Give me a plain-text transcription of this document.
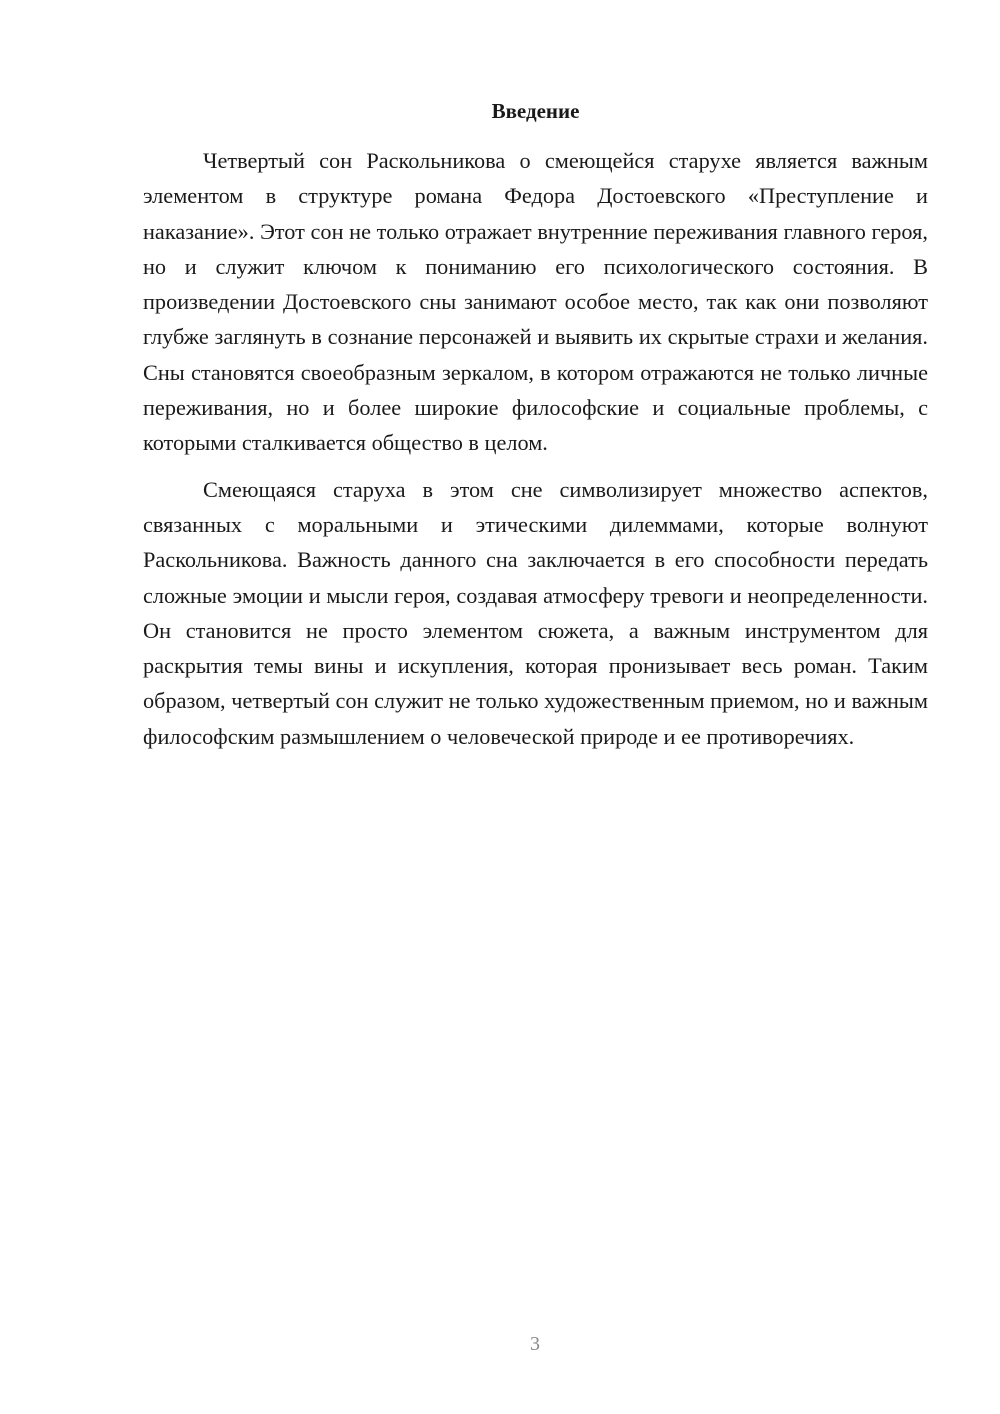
Введение

Четвертый сон Раскольникова о смеющейся старухе является важным элементом в структуре романа Федора Достоевского «Преступление и наказание». Этот сон не только отражает внутренние переживания главного героя, но и служит ключом к пониманию его психологического состояния. В произведении Достоевского сны занимают особое место, так как они позволяют глубже заглянуть в сознание персонажей и выявить их скрытые страхи и желания. Сны становятся своеобразным зеркалом, в котором отражаются не только личные переживания, но и более широкие философские и социальные проблемы, с которыми сталкивается общество в целом.

Смеющаяся старуха в этом сне символизирует множество аспектов, связанных с моральными и этическими дилеммами, которые волнуют Раскольникова. Важность данного сна заключается в его способности передать сложные эмоции и мысли героя, создавая атмосферу тревоги и неопределенности. Он становится не просто элементом сюжета, а важным инструментом для раскрытия темы вины и искупления, которая пронизывает весь роман. Таким образом, четвертый сон служит не только художественным приемом, но и важным философским размышлением о человеческой природе и ее противоречиях.

3
